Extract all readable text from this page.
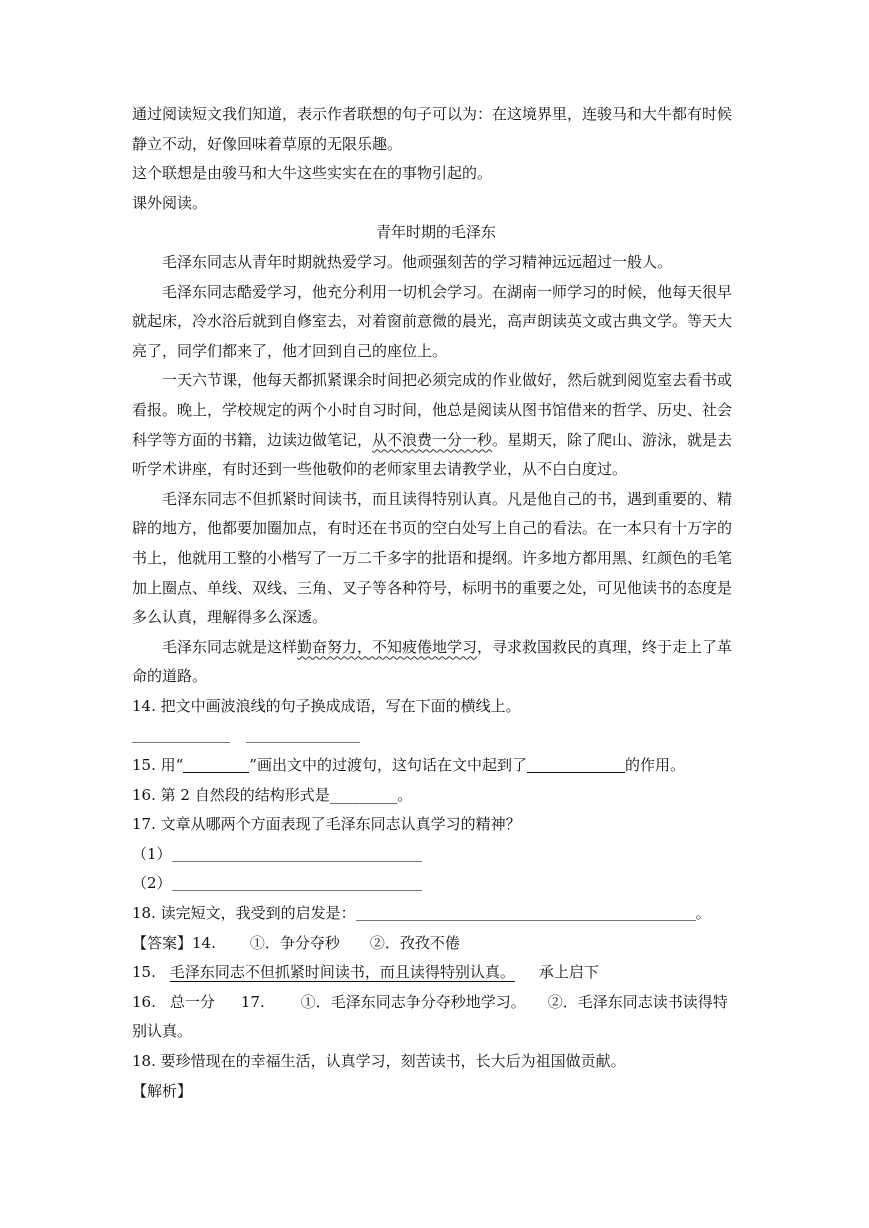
通过阅读短文我们知道，表示作者联想的句子可以为：在这境界里，连骏马和大牛都有时候
静立不动，好像回味着草原的无限乐趣。
这个联想是由骏马和大牛这些实实在在的事物引起的。
课外阅读。
青年时期的毛泽东
毛泽东同志从青年时期就热爱学习。他顽强刻苦的学习精神远远超过一般人。
毛泽东同志酷爱学习，他充分利用一切机会学习。在湖南一师学习的时候，他每天很早
就起床，冷水浴后就到自修室去，对着窗前意微的晨光，高声朗读英文或古典文学。等天大
亮了，同学们都来了，他才回到自己的座位上。
一天六节课，他每天都抓紧课余时间把必须完成的作业做好，然后就到阅览室去看书或
看报。晚上，学校规定的两个小时自习时间，他总是阅读从图书馆借来的哲学、历史、社会
科学等方面的书籍，边读边做笔记，从不浪费一分一秒。星期天，除了爬山、游泳，就是去
听学术讲座，有时还到一些他敬仰的老师家里去请教学业，从不白白度过。
毛泽东同志不但抓紧时间读书，而且读得特别认真。凡是他自己的书，遇到重要的、精
辟的地方，他都要加圈加点，有时还在书页的空白处写上自己的看法。在一本只有十万字的
书上，他就用工整的小楷写了一万二千多字的批语和提纲。许多地方都用黑、红颜色的毛笔
加上圈点、单线、双线、三角、叉子等各种符号，标明书的重要之处，可见他读书的态度是
多么认真，理解得多么深透。
毛泽东同志就是这样勤奋努力，不知疲倦地学习，寻求救国救民的真理，终于走上了革
命的道路。
14. 把文中画波浪线的句子换成成语，写在下面的横线上。
15. 用“	”画出文中的过渡句，这句话在文中起到了	的作用。
16. 第 2 自然段的结构形式是_________。
17. 文章从哪两个方面表现了毛泽东同志认真学习的精神？
（1）
（2）
18. 读完短文，我受到的启发是：	。
【答案】14. ①．争分夺秒 ②．孜孜不倦
15. 毛泽东同志不但抓紧时间读书，而且读得特别认真。 承上启下
16. 总一分 17. ①．毛泽东同志争分夺秒地学习。 ②．毛泽东同志读书读得特
别认真。
18. 要珍惜现在的幸福生活，认真学习，刻苦读书，长大后为祖国做贡献。
【解析】
